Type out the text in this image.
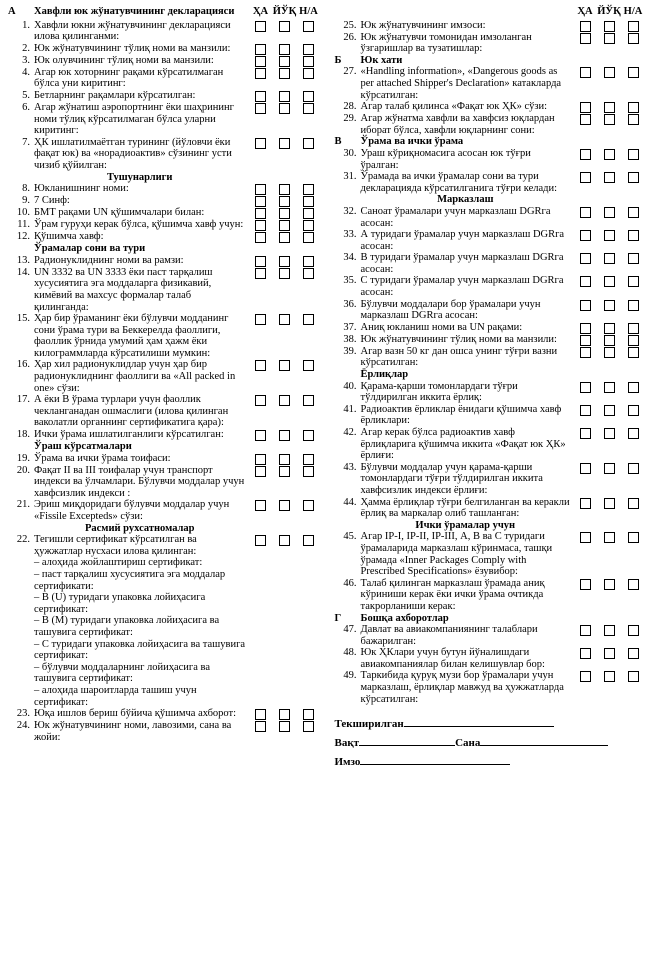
А	Хавфли юк жўнатувчининг декларацияси	ҲА	ЙЎҚ	Н/А
1.	Хавфли юкни жўнатувчининг декларацияси илова қилинганми:			
2.	Юк жўнатувчининг тўлиқ номи ва манзили:			
3.	Юк олувчининг тўлиқ номи ва манзили:			
4.	Агар юк хоторнинг рақами кўрсатилмаган бўлса уни киритинг:			
5.	Бетларнинг рақамлари кўрсатилган:			
6.	Агар жўнатиш аэропортнинг ёки шаҳрининг номи тўлиқ кўрсатилмаган бўлса уларни киритинг:			
7.	ҲК ишлатилмаётган турининг (йўловчи ёки фақат юк) ва «норадиоактив» сўзининг усти чизиб қўйилган:			

	Тушунарлиги			

8.	Юкланишнинг номи:			
9.	7 Синф:			
10.	БМТ рақами UN қўшимчалари билан:			
11.	Ўрам гуруҳи керак бўлса, қўшимча хавф учун:			
12.	Қўшимча хавф:			

	Ўрамалар сони ва тури			

13.	Радионуклиднинг номи ва рамзи:			
14.	UN 3332 ва UN 3333 ёки паст тарқалиш хусусиятига эга моддаларга физикавий, кимёвий ва махсус формалар талаб қилинганда:			
15.	Ҳар бир ўраманинг ёки бўлувчи модданинг сони ўрама тури ва Беккерелда фаоллиги, фаоллик ўрнида умумий ҳам ҳажм ёки килограммларда кўрсатилиши мумкин:			
16.	Ҳар хил радионуклидлар учун ҳар бир радионуклиднинг фаоллиги ва «All packed in one» сўзи:			
17.	А ёки В ўрама турлари учун фаоллик чекланганадан ошмаслиги (илова қилинган ваколатли органнинг сертификатига қара):			
18.	Ички ўрама ишлатилганлиги кўрсатилган:			

	Ўраш кўрсатмалари			

19.	Ўрама ва ички ўрама тоифаси:			
20.	Фақат II ва III тоифалар учун транспорт индекси ва ўлчамлари. Бўлувчи моддалар учун хавфсизлик индекси :			
21.	Эриш миқдоридаги бўлувчи моддалар учун «Fissile Excepteds» сўзи:			

	Расмий рухсатномалар			

22.	Тегишли сертификат кўрсатилган ва ҳужжатлар нусхаси илова қилинган:
– алоҳида жойлаштириш сертификат:
– паст тарқалиш хусусиятига эга моддалар сертификати:
– В (U) туридаги упаковка лойиҳасига сертификат:
– В (М) туридаги упаковка лойиҳасига ва ташувига сертификат:
– С туридаги упаковка лойиҳасига ва ташувига сертификат:
– бўлувчи моддаларнинг лойиҳасига ва ташувига сертификат:
– алоҳида шароитларда ташиш учун сертификат:

23.	Юқа ишлов бериш бўйича қўшимча ахборот:			
24.	Юк жўнатувчининг номи, лавозими, сана ва жойи:			
		ҲА	ЙЎҚ	Н/А
25.	Юк жўнатувчининг имзоси:			
26.	Юк жўнатувчи томонидан имзоланган ўзгаришлар ва тузатишлар:			
Б	Юк хати			
27.	«Handling information», «Dangerous goods as per attached Shipper's Declaration» катакларда кўрсатилган:			
28.	Агар талаб қилинса «Фақат юк ҲК» сўзи:			
29.	Агар жўнатма хавфли ва хавфсиз юқлардан иборат бўлса, хавфли юқларнинг сони:			
В	Ўрама ва ички ўрама			
30.	Ураш кўриқномасига асосан юк тўғри ўралган:			
31.	Ўрамада ва ички ўрамалар сони ва тури декларацияда кўрсатилганига тўғри келади:			

	Марказлаш			

32.	Саноат ўрамалари учун марказлаш DGRга асосан:			
33.	А туридаги ўрамалар учун марказлаш DGRга асосан:			
34.	В туридаги ўрамалар учун марказлаш DGRга асосан:			
35.	С туридаги ўрамалар учун марказлаш DGRга асосан:			
36.	Бўлувчи моддалари бор ўрамалари учун марказлаш DGRга асосан:			
37.	Аниқ юкланиш номи ва UN рақами:			
38.	Юк жўнатувчининг тўлиқ номи ва манзили:			
39.	Агар вазн 50 кг дан ошса унинг тўғри вазни кўрсатилган:			

	Ёрлиқлар			

40.	Қарама-қарши томонлардаги тўғри тўлдирилган иккита ёрлиқ:			
41.	Радиоактив ёрликлар ёнидаги қўшимча хавф ёрликлари:			
42.	Агар керак бўлса радиоактив хавф ёрлиқларига қўшимча иккита «Фақат юк ҲК» ёрлиғи:			
43.	Бўлувчи моддалар учун қарама-қарши томонлардаги тўғри тўлдирилган иккита хавфсизлик индекси ёрлиғи:			
44.	Ҳамма ёрлиқлар тўғри белгиланган ва керакли ёрлиқ ва маркалар олиб ташланган:			

	Ички ўрамалар учун			

45.	Агар IP-I, IP-II, IP-III, А, В ва С туридаги ўрамаларида марказлаш кўринмаса, ташқи ўрамада «Inner Packages Comply with Prescribed Specifications» ёзувибор:			
46.	Талаб қилинган марказлаш ўрамада аниқ кўриниши керак ёки ички ўрама очтикда такрорланиши керак:			
Г	Бошқа ахборотлар			
47.	Давлат ва авиакомпаниянинг талаблари бажарилган:			
48.	Юк ҲКлари учун бутун йўналишдаги авиакомпаниялар билан келишувлар бор:			
49.	Таркибида қуруқ музи бор ўрамалари учун марказлаш, ёрлиқлар мавжуд ва ҳужжатларда кўрсатилган:			
Текширилган
Вақт	Сана
Имзо
